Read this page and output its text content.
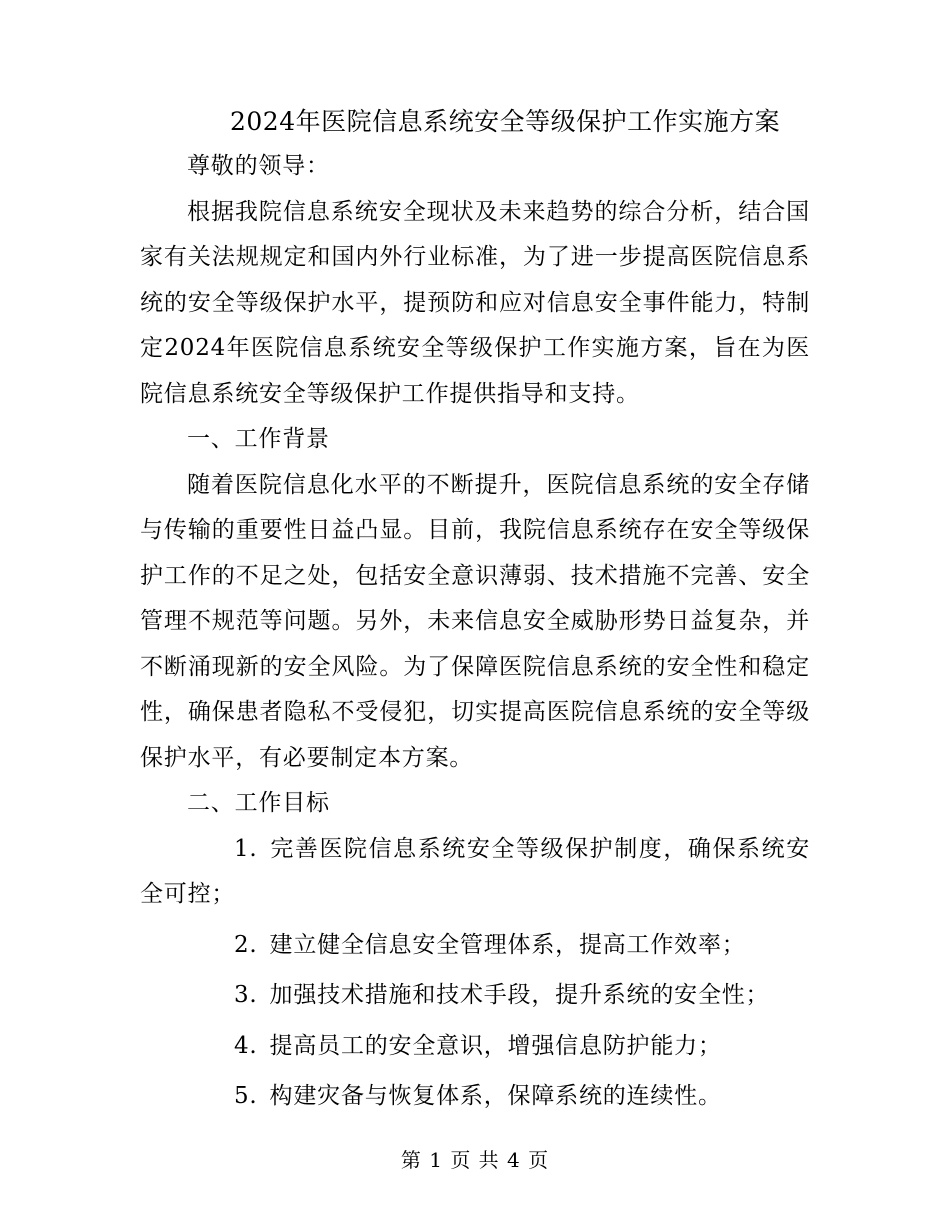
2024年医院信息系统安全等级保护工作实施方案

尊敬的领导：

根据我院信息系统安全现状及未来趋势的综合分析，结合国家有关法规规定和国内外行业标准，为了进一步提高医院信息系统的安全等级保护水平，提预防和应对信息安全事件能力，特制定2024年医院信息系统安全等级保护工作实施方案，旨在为医院信息系统安全等级保护工作提供指导和支持。

一、工作背景

随着医院信息化水平的不断提升，医院信息系统的安全存储与传输的重要性日益凸显。目前，我院信息系统存在安全等级保护工作的不足之处，包括安全意识薄弱、技术措施不完善、安全管理不规范等问题。另外，未来信息安全威胁形势日益复杂，并不断涌现新的安全风险。为了保障医院信息系统的安全性和稳定性，确保患者隐私不受侵犯，切实提高医院信息系统的安全等级保护水平，有必要制定本方案。

二、工作目标

1. 完善医院信息系统安全等级保护制度，确保系统安全可控；

2. 建立健全信息安全管理体系，提高工作效率；

3. 加强技术措施和技术手段，提升系统的安全性；

4. 提高员工的安全意识，增强信息防护能力；

5. 构建灾备与恢复体系，保障系统的连续性。

第 1 页 共 4 页
